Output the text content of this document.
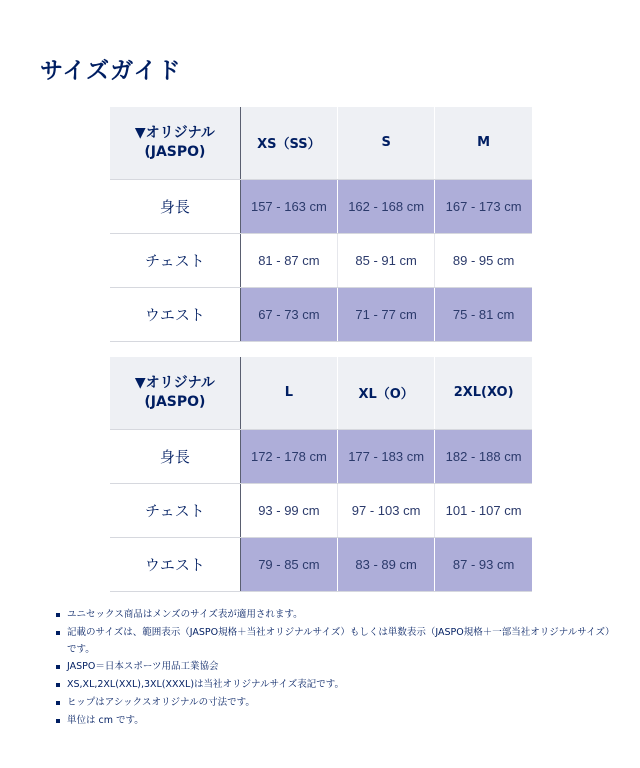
サイズガイド
▼オリジナル
(JASPO)	XS（SS）	S	M
身長	157 - 163 cm	162 - 168 cm	167 - 173 cm
チェスト	81 - 87 cm	85 - 91 cm	89 - 95 cm
ウエスト	67 - 73 cm	71 - 77 cm	75 - 81 cm
▼オリジナル
(JASPO)	L	XL（O）	2XL(XO)
身長	172 - 178 cm	177 - 183 cm	182 - 188 cm
チェスト	93 - 99 cm	97 - 103 cm	101 - 107 cm
ウエスト	79 - 85 cm	83 - 89 cm	87 - 93 cm
ユニセックス商品はメンズのサイズ表が適用されます。
記載のサイズは、範囲表示（JASPO規格＋当社オリジナルサイズ）もしくは単数表示（JASPO規格＋一部当社オリジナルサイズ）です。
JASPO＝日本スポーツ用品工業協会
XS,XL,2XL(XXL),3XL(XXXL)は当社オリジナルサイズ表記です。
ヒップはアシックスオリジナルの寸法です。
単位は cm です。
